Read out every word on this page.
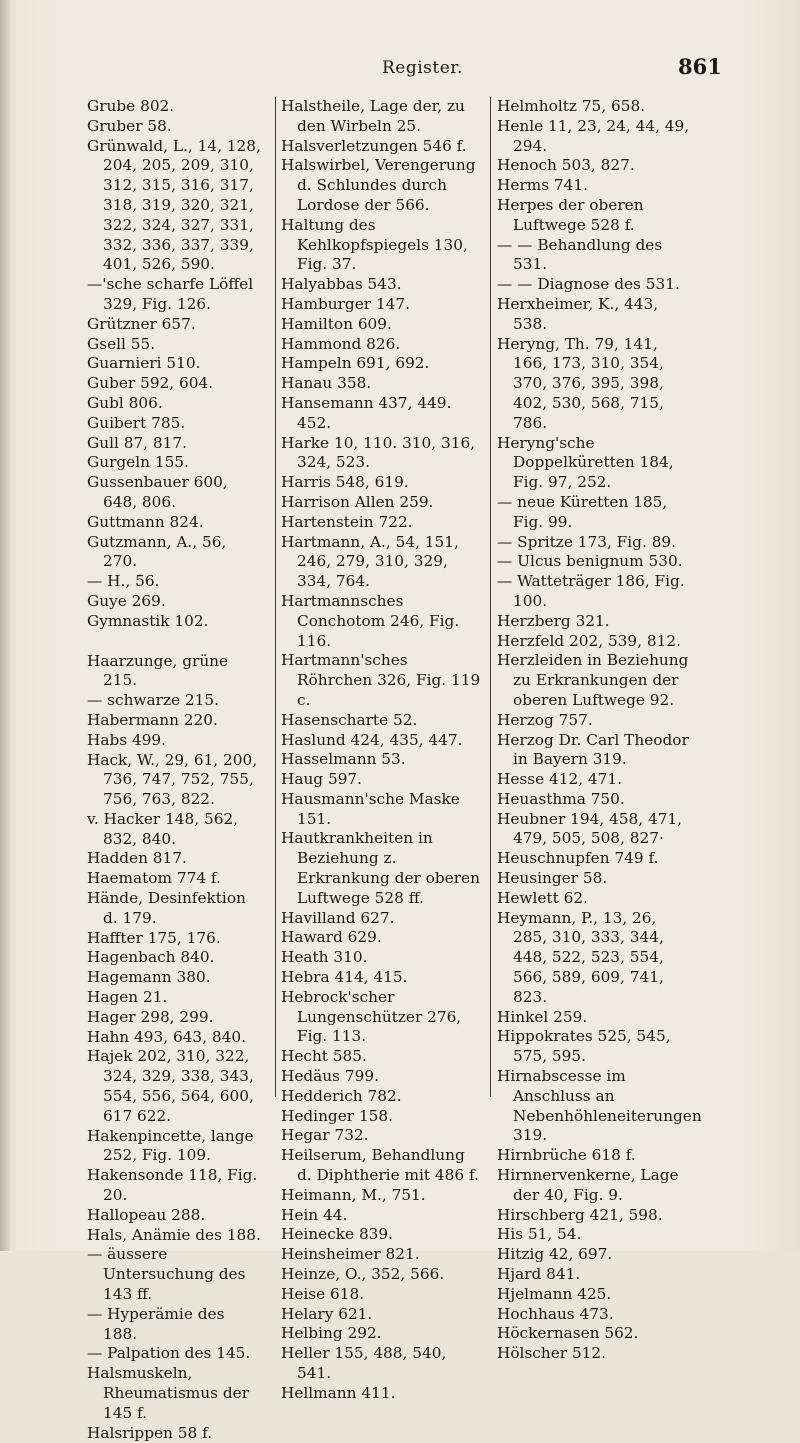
Register.	861
Grube 802.
Gruber 58.
Grünwald, L., 14, 128, 204, 205, 209, 310, 312, 315, 316, 317, 318, 319, 320, 321, 322, 324, 327, 331, 332, 336, 337, 339, 401, 526, 590.
—'sche scharfe Löffel 329, Fig. 126.
Grützner 657.
Gsell 55.
Guarnieri 510.
Guber 592, 604.
Gubl 806.
Guibert 785.
Gull 87, 817.
Gurgeln 155.
Gussenbauer 600, 648, 806.
Guttmann 824.
Gutzmann, A., 56, 270.
— H., 56.
Guye 269.
Gymnastik 102.
Haarzunge, grüne 215.
— schwarze 215.
Habermann 220.
Habs 499.
Hack, W., 29, 61, 200, 736, 747, 752, 755, 756, 763, 822.
v. Hacker 148, 562, 832, 840.
Hadden 817.
Haematom 774 f.
Hände, Desinfektion d. 179.
Haffter 175, 176.
Hagenbach 840.
Hagemann 380.
Hagen 21.
Hager 298, 299.
Hahn 493, 643, 840.
Hajek 202, 310, 322, 324, 329, 338, 343, 554, 556, 564, 600, 617 622.
Hakenpincette, lange 252, Fig. 109.
Hakensonde 118, Fig. 20.
Hallopeau 288.
Hals, Anämie des 188.
— äussere Untersuchung des 143 ff.
— Hyperämie des 188.
— Palpation des 145.
Halsmuskeln, Rheumatismus der 145 f.
Halsrippen 58 f.
Halstheile, Lage der, zu den Wirbeln 25.
Halsverletzungen 546 f.
Halswirbel, Verengerung d. Schlundes durch Lordose der 566.
Haltung des Kehlkopfspiegels 130, Fig. 37.
Halyabbas 543.
Hamburger 147.
Hamilton 609.
Hammond 826.
Hampeln 691, 692.
Hanau 358.
Hansemann 437, 449. 452.
Harke 10, 110. 310, 316, 324, 523.
Harris 548, 619.
Harrison Allen 259.
Hartenstein 722.
Hartmann, A., 54, 151, 246, 279, 310, 329, 334, 764.
Hartmannsches Conchotom 246, Fig. 116.
Hartmann'sches Röhrchen 326, Fig. 119 c.
Hasenscharte 52.
Haslund 424, 435, 447.
Hasselmann 53.
Haug 597.
Hausmann'sche Maske 151.
Hautkrankheiten in Beziehung z. Erkrankung der oberen Luftwege 528 ff.
Havilland 627.
Haward 629.
Heath 310.
Hebra 414, 415.
Hebrock'scher Lungenschützer 276, Fig. 113.
Hecht 585.
Hedäus 799.
Hedderich 782.
Hedinger 158.
Hegar 732.
Heilserum, Behandlung d. Diphtherie mit 486 f.
Heimann, M., 751.
Hein 44.
Heinecke 839.
Heinsheimer 821.
Heinze, O., 352, 566.
Heise 618.
Helary 621.
Helbing 292.
Heller 155, 488, 540, 541.
Hellmann 411.
Helmholtz 75, 658.
Henle 11, 23, 24, 44, 49, 294.
Henoch 503, 827.
Herms 741.
Herpes der oberen Luftwege 528 f.
— — Behandlung des 531.
— — Diagnose des 531.
Herxheimer, K., 443, 538.
Heryng, Th. 79, 141, 166, 173, 310, 354, 370, 376, 395, 398, 402, 530, 568, 715, 786.
Heryng'sche Doppelküretten 184, Fig. 97, 252.
— neue Küretten 185, Fig. 99.
— Spritze 173, Fig. 89.
— Ulcus benignum 530.
— Watteträger 186, Fig. 100.
Herzberg 321.
Herzfeld 202, 539, 812.
Herzleiden in Beziehung zu Erkrankungen der oberen Luftwege 92.
Herzog 757.
Herzog Dr. Carl Theodor in Bayern 319.
Hesse 412, 471.
Heuasthma 750.
Heubner 194, 458, 471, 479, 505, 508, 827·
Heuschnupfen 749 f.
Heusinger 58.
Hewlett 62.
Heymann, P., 13, 26, 285, 310, 333, 344, 448, 522, 523, 554, 566, 589, 609, 741, 823.
Hinkel 259.
Hippokrates 525, 545, 575, 595.
Hirnabscesse im Anschluss an Nebenhöhleneiterungen 319.
Hirnbrüche 618 f.
Hirnnervenkerne, Lage der 40, Fig. 9.
Hirschberg 421, 598.
His 51, 54.
Hitzig 42, 697.
Hjard 841.
Hjelmann 425.
Hochhaus 473.
Höckernasen 562.
Hölscher 512.
